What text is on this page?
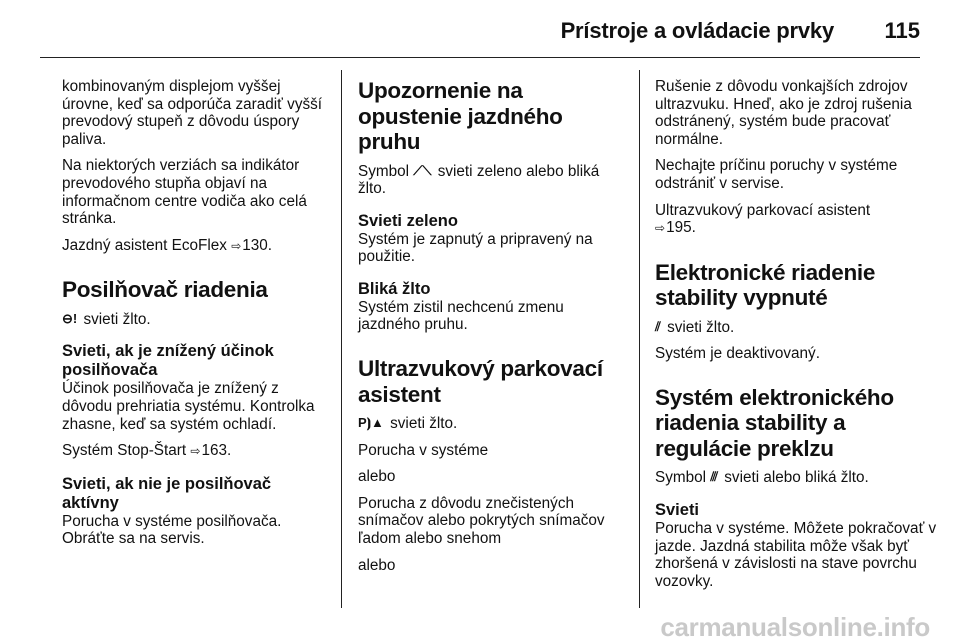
Prístroje a ovládacie prvky 115

kombinovaným displejom vyššej úrovne, keď sa odporúča zaradiť vyšší prevodový stupeň z dôvodu úspory paliva.

Na niektorých verziách sa indikátor prevodového stupňa objaví na informačnom centre vodiča ako celá stránka.

Jazdný asistent EcoFlex ⇨130.

Posilňovač riadenia

⊖! svieti žlto.

Svieti, ak je znížený účinok posilňovača

Účinok posilňovača je znížený z dôvodu prehriatia systému. Kontrolka zhasne, keď sa systém ochladí.

Systém Stop-Štart ⇨163.

Svieti, ak nie je posilňovač aktívny

Porucha v systéme posilňovača. Obráťte sa na servis.

Upozornenie na opustenie jazdného pruhu

Symbol ⟋⟍ svieti zeleno alebo bliká žlto.

Svieti zeleno

Systém je zapnutý a pripravený na použitie.

Bliká žlto

Systém zistil nechcenú zmenu jazdného pruhu.

Ultrazvukový parkovací asistent

P⦘▲ svieti žlto.

Porucha v systéme

alebo

Porucha z dôvodu znečistených snímačov alebo pokrytých snímačov ľadom alebo snehom

alebo

Rušenie z dôvodu vonkajších zdrojov ultrazvuku. Hneď, ako je zdroj rušenia odstránený, systém bude pracovať normálne.

Nechajte príčinu poruchy v systéme odstrániť v servise.

Ultrazvukový parkovací asistent
⇨195.

Elektronické riadenie stability vypnuté

⫽ svieti žlto.

Systém je deaktivovaný.

Systém elektronického riadenia stability a regulácie preklzu

Symbol ⫻ svieti alebo bliká žlto.

Svieti

Porucha v systéme. Môžete pokračovať v jazde. Jazdná stabilita môže však byť zhoršená v závislosti na stave povrchu vozovky.

carmanualsonline.info
